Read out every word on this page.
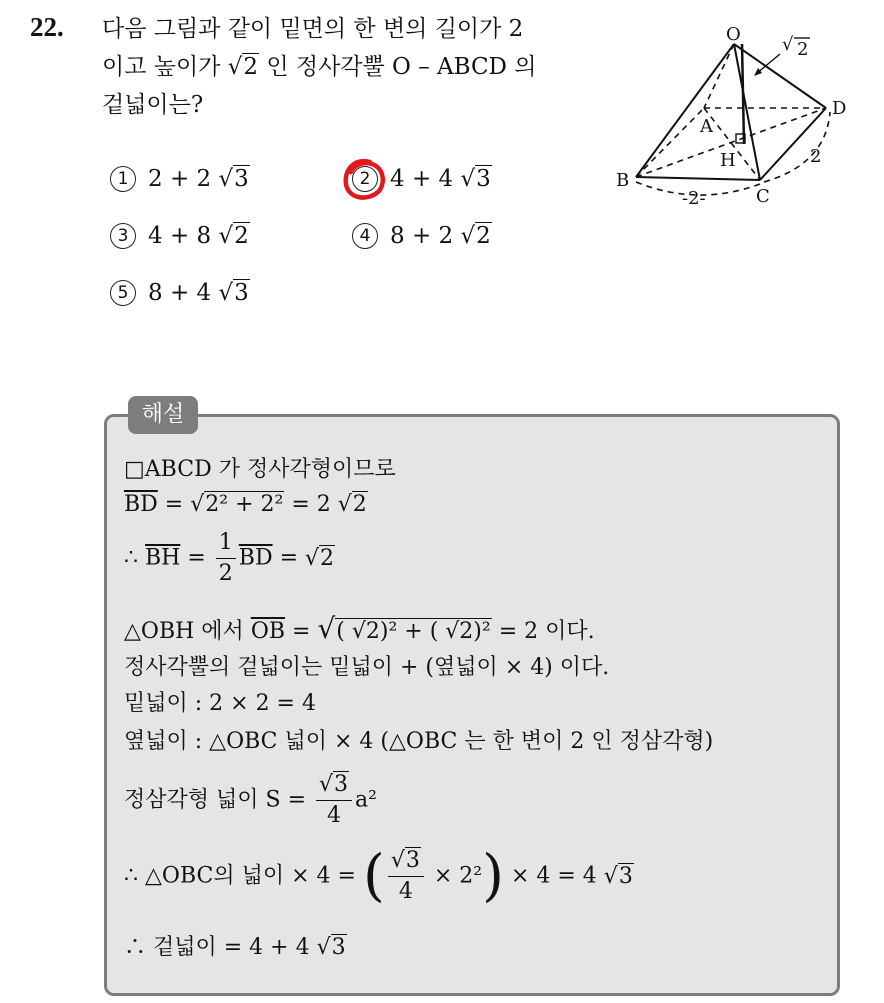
22. 다음 그림과 같이 밑면의 한 변의 길이가 2
이고 높이가 √2 인 정사각뿔 O – ABCD 의
겉넓이는?
1 2 + 2 √3	2 4 + 4 √3
3 4 + 8 √2	4 8 + 2 √2
5 8 + 4 √3
√ 2
O
A
B
C
D
H
-2-
2
해설
□ABCD 가 정사각형이므로
$\overline{BD} = √2^2 + 2^2 = 2$ √2
∴ $\overline{BH} = \frac{1}{2} \overline{BD} = √2$
△OBH 에서 $\overline{OB}$ = √( √2)² + ( √2)² = 2 이다.
정사각뿔의 겉넓이는 밑넓이 + (옆넓이 × 4) 이다.
밑넓이 : 2 × 2 = 4
옆넓이 : △OBC 넓이 × 4 (△OBC 는 한 변이 2 인 정삼각형)
정삼각형 넓이 $S = \frac{√3}{4} a^2$
∴ △OBC의 넓이 × 4 = ( $\frac{√3}{4} \times 2^2) \times 4 = 4$ √3
∴ 겉넓이 = 4 + 4 √3
